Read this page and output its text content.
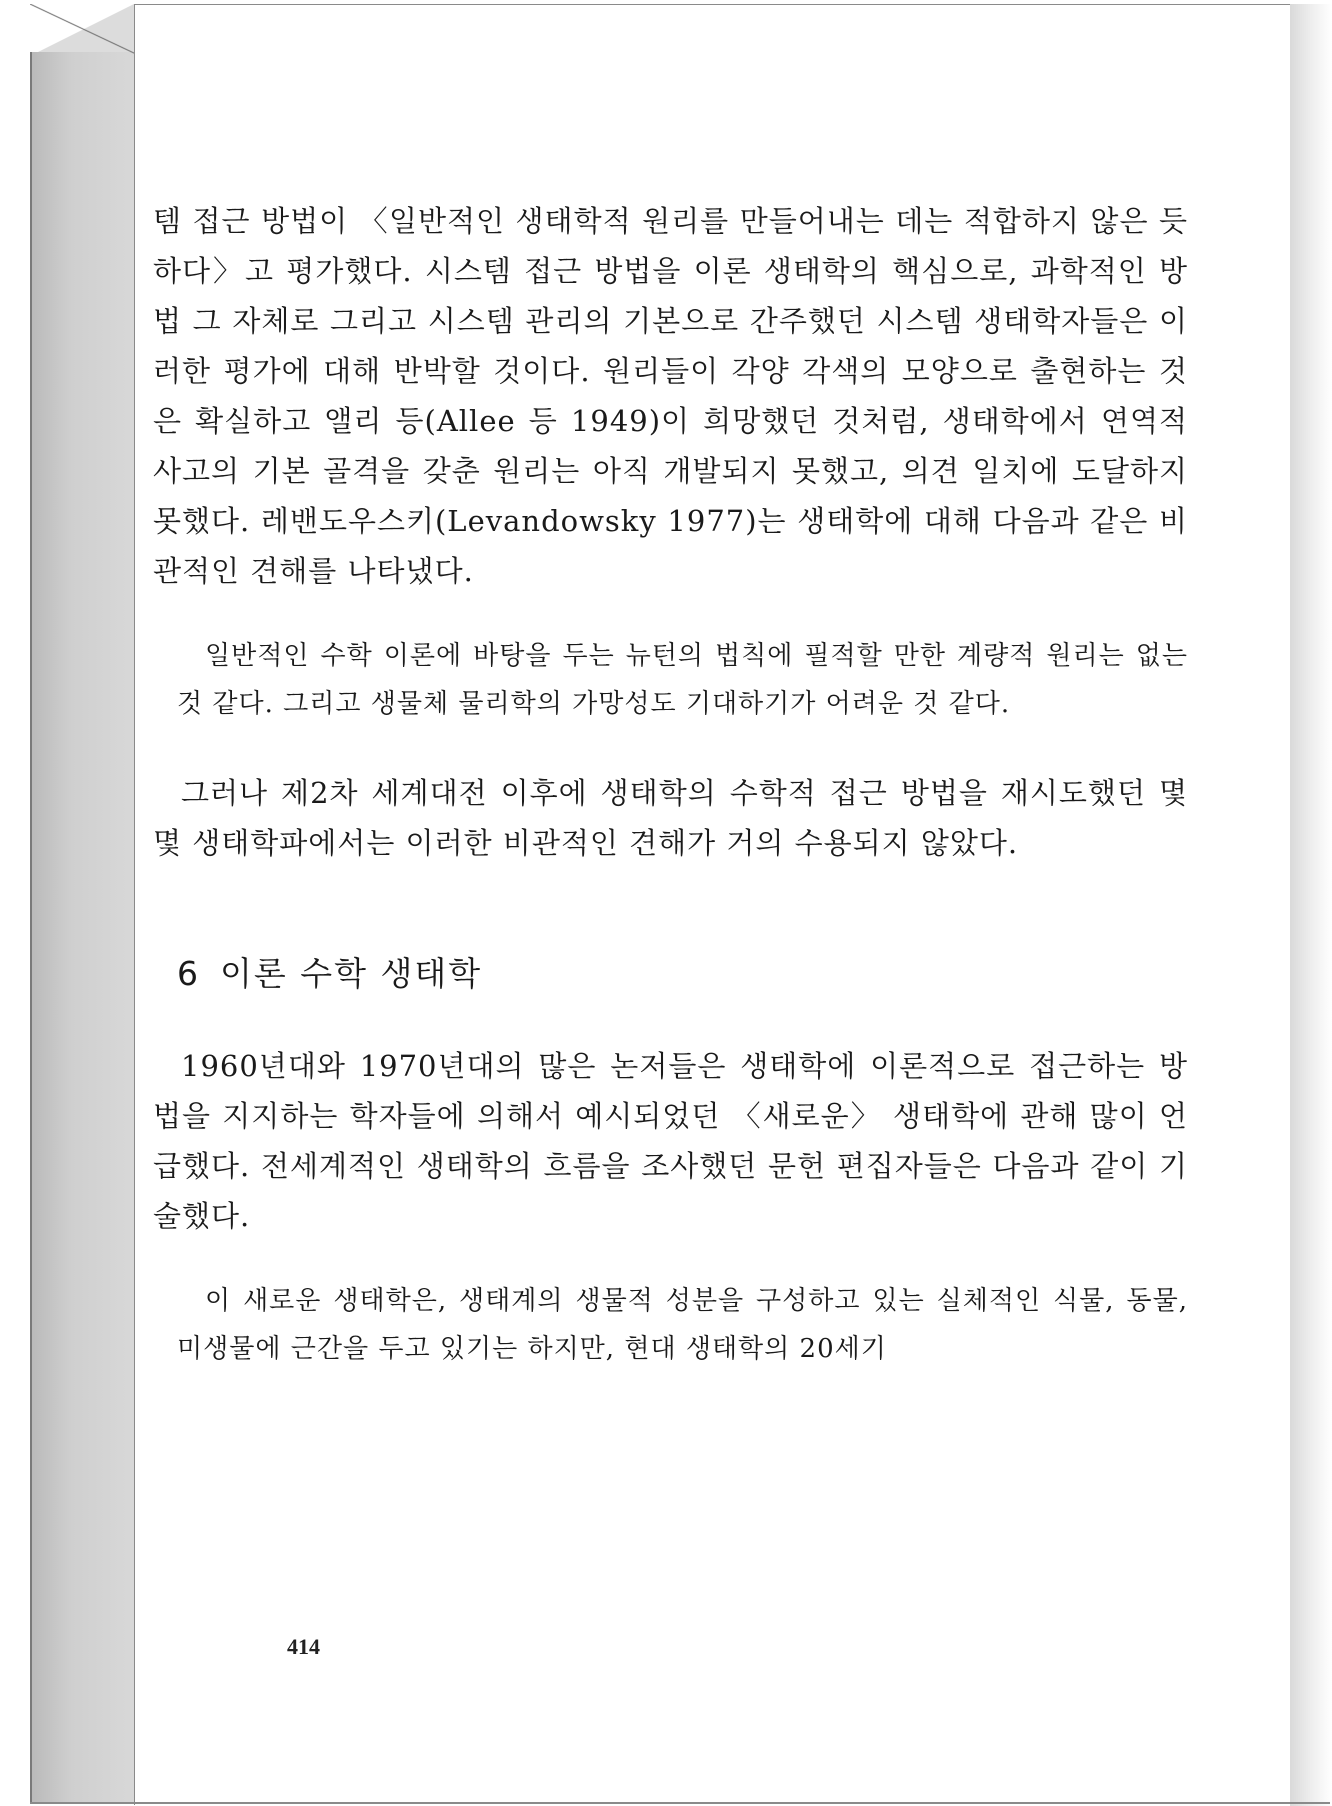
템 접근 방법이 〈일반적인 생태학적 원리를 만들어내는 데는 적합하지 않은 듯하다〉고 평가했다. 시스템 접근 방법을 이론 생태학의 핵심으로, 과학적인 방법 그 자체로 그리고 시스템 관리의 기본으로 간주했던 시스템 생태학자들은 이러한 평가에 대해 반박할 것이다. 원리들이 각양 각색의 모양으로 출현하는 것은 확실하고 앨리 등(Allee 등 1949)이 희망했던 것처럼, 생태학에서 연역적 사고의 기본 골격을 갖춘 원리는 아직 개발되지 못했고, 의견 일치에 도달하지 못했다. 레밴도우스키(Levandowsky 1977)는 생태학에 대해 다음과 같은 비관적인 견해를 나타냈다.

일반적인 수학 이론에 바탕을 두는 뉴턴의 법칙에 필적할 만한 계량적 원리는 없는 것 같다. 그리고 생물체 물리학의 가망성도 기대하기가 어려운 것 같다.

그러나 제2차 세계대전 이후에 생태학의 수학적 접근 방법을 재시도했던 몇몇 생태학파에서는 이러한 비관적인 견해가 거의 수용되지 않았다.

6 이론 수학 생태학

1960년대와 1970년대의 많은 논저들은 생태학에 이론적으로 접근하는 방법을 지지하는 학자들에 의해서 예시되었던 〈새로운〉 생태학에 관해 많이 언급했다. 전세계적인 생태학의 흐름을 조사했던 문헌 편집자들은 다음과 같이 기술했다.

이 새로운 생태학은, 생태계의 생물적 성분을 구성하고 있는 실체적인 식물, 동물, 미생물에 근간을 두고 있기는 하지만, 현대 생태학의 20세기

414
